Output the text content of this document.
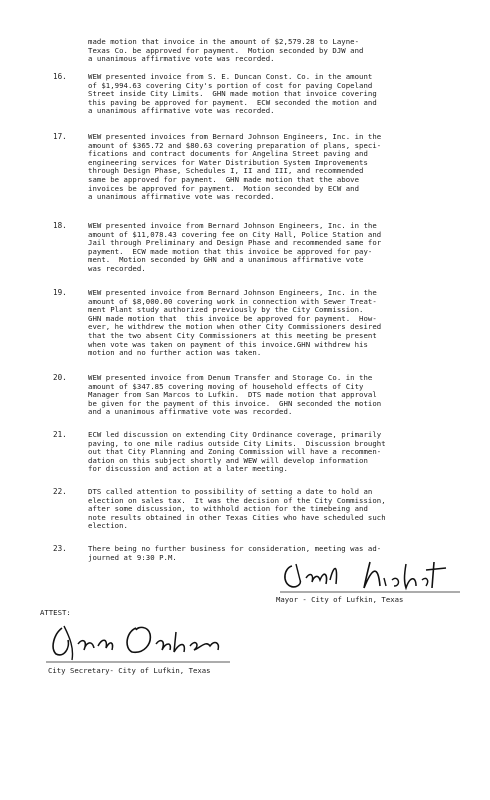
made motion that invoice in the amount of $2,579.28 to Layne-
Texas Co. be approved for payment.  Motion seconded by DJW and
a unanimous affirmative vote was recorded.
16.	WEW presented invoice from S. E. Duncan Const. Co. in the amount
of $1,994.63 covering City's portion of cost for paving Copeland
Street inside City Limits.  GHN made motion that invoice covering
this paving be approved for payment.  ECW seconded the motion and
a unanimous affirmative vote was recorded.
17.	WEW presented invoices from Bernard Johnson Engineers, Inc. in the
amount of $365.72 and $80.63 covering preparation of plans, speci-
fications and contract documents for Angelina Street paving and
engineering services for Water Distribution System Improvements
through Design Phase, Schedules I, II and III, and recommended
same be approved for payment.  GHN made motion that the above
invoices be approved for payment.  Motion seconded by ECW and
a unanimous affirmative vote was recorded.
18.	WEW presented invoice from Bernard Johnson Engineers, Inc. in the
amount of $11,078.43 covering fee on City Hall, Police Station and
Jail through Preliminary and Design Phase and recommended same for
payment.  ECW made motion that this invoice be approved for pay-
ment.  Motion seconded by GHN and a unanimous affirmative vote
was recorded.
19.	WEW presented invoice from Bernard Johnson Engineers, Inc. in the
amount of $8,000.00 covering work in connection with Sewer Treat-
ment Plant study authorized previously by the City Commission.
GHN made motion that  this invoice be approved for payment.  How-
ever, he withdrew the motion when other City Commissioners desired
that the two absent City Commissioners at this meeting be present
when vote was taken on payment of this invoice.GHN withdrew his
motion and no further action was taken.
20.	WEW presented invoice from Denum Transfer and Storage Co. in the
amount of $347.85 covering moving of household effects of City
Manager from San Marcos to Lufkin.  DTS made motion that approval
be given for the payment of this invoice.  GHN seconded the motion
and a unanimous affirmative vote was recorded.
21.	ECW led discussion on extending City Ordinance coverage, primarily
paving, to one mile radius outside City Limits.  Discussion brought
out that City Planning and Zoning Commission will have a recommen-
dation on this subject shortly and WEW will develop information
for discussion and action at a later meeting.
22.	DTS called attention to possibility of setting a date to hold an
election on sales tax.  It was the decision of the City Commission,
after some discussion, to withhold action for the timebeing and
note results obtained in other Texas Cities who have scheduled such
election.
23.	There being no further business for consideration, meeting was ad-
journed at 9:30 P.M.
Mayor - City of Lufkin, Texas
ATTEST:
City Secretary- City of Lufkin, Texas
